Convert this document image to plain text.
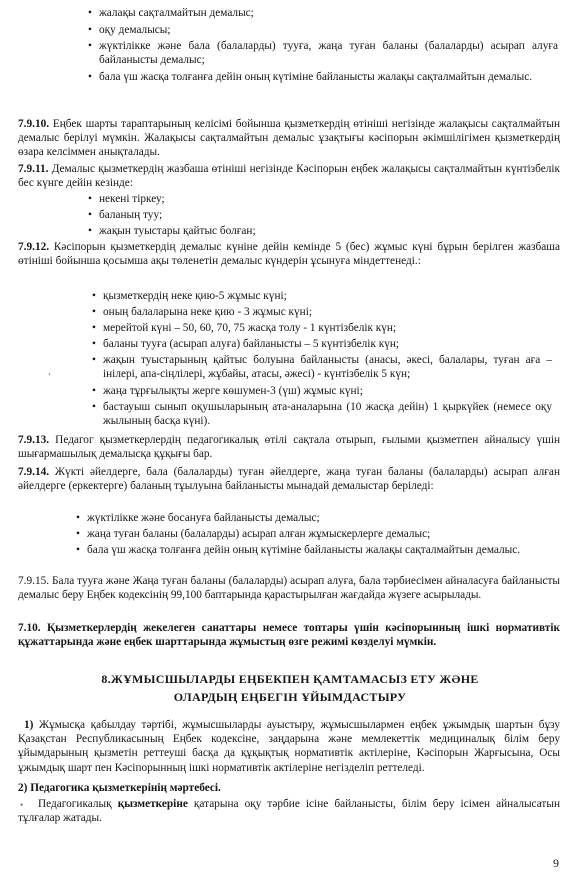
• жалақы сақталмайтын демалыс;
• оқу демалысы;
• жүктілікке және бала (балаларды) тууға, жаңа туған баланы (балаларды) асырап алуға байланысты демалыс;
• бала үш жасқа толғанға дейін оның күтіміне байланысты жалақы сақталмайтын демалыс.

7.9.10. Еңбек шарты тараптарының келісімі бойынша қызметкердің өтініші негізінде жалақысы сақталмайтын демалыс берілуі мүмкін. Жалақысы сақталмайтын демалыс ұзақтығы кәсіпорын әкімшілігімен қызметкердің өзара келсіммен анықталады.

7.9.11. Демалыс қызметкердің жазбаша өтініші негізінде Кәсіпорын еңбек жалақысы сақталмайтын күнтізбелік бес күнге дейін кезінде:

• некені тіркеу;
• баланың туу;
• жақын туыстары қайтыс болған;

7.9.12. Кәсіпорын қызметкердің демалыс күніне дейін кемінде 5 (бес) жұмыс күні бұрын берілген жазбаша өтініші бойынша қосымша ақы төленетін демалыс күндерін ұсынуға міндеттенеді.:

• қызметкердің неке қию-5 жұмыс күні;
• оның балаларына неке қию - 3 жұмыс күні;
• мерейтой күні – 50, 60, 70, 75 жасқа толу - 1 күнтізбелік күн;
• баланы тууға (асырап алуға) байланысты – 5 күнтізбелік күн;
• жақын туыстарының қайтыс болуына байланысты (анасы, әкесі, балалары, туған аға – інілері, апа-сіңлілері, жұбайы, атасы, әжесі) - күнтізбелік 5 күн;
• жаңа тұрғылықты жерге көшумен-3 (үш) жұмыс күні;
• бастауыш сынып оқушыларының ата-аналарына (10 жасқа дейін) 1 қыркүйек (немесе оқу жылының басқа күні).

7.9.13. Педагог қызметкерлердің педагогикалық өтілі сақтала отырып, ғылыми қызметпен айналысу үшін шығармашылық демалысқа құқығы бар.

7.9.14. Жүкті әйелдерге, бала (балаларды) туған әйелдерге, жаңа туған баланы (балаларды) асырап алған әйелдерге (еркектерге) баланың тұылуына байланысты мынадай демалыстар беріледі:

• жүктілікке және босануға байланысты демалыс;
• жаңа туған баланы (балаларды) асырап алған жұмыскерлерге демалыс;
• бала үш жасқа толғанға дейін оның күтіміне байланысты жалақы сақталмайтын демалыс.

7.9.15. Бала тууға және Жаңа туған баланы (балаларды) асырап алуға, бала тәрбиесімен айналасуға байланысты демалыс беру Еңбек кодексінің 99,100 баптарында қарастырылған жағдайда жүзеге асырылады.

7.10. Қызметкерлердің жекелеген санаттары немесе топтары үшін кәсіпорынның ішкі нормативтік құжаттарында және еңбек шарттарында жұмыстың өзге режимі көзделуі мүмкін.

8.ЖҰМЫСШЫЛАРДЫ ЕҢБЕКПЕН ҚАМТАМАСЫЗ ЕТУ ЖӘНЕ
ОЛАРДЫҢ ЕҢБЕГІН ҰЙЫМДАСТЫРУ

1) Жұмысқа қабылдау тәртібі, жұмысшыларды ауыстыру, жұмысшылармен еңбек ұжымдық шартын бұзу Қазақстан Республикасының Еңбек кодексіне, заңдарына және мемлекеттік медициналық білім беру ұйымдарының қызметін реттеуші басқа да құқықтық нормативтік актілеріне, Кәсіпорын Жарғысына, Осы ұжымдық шарт пен Кәсіпорынның ішкі нормативтік актілеріне негізделіп реттеледі.

2) Педагогика қызметкерінің мәртебесі.

Педагогикалық қызметкеріне қатарына оқу тәрбие ісіне байланысты, білім беру ісімен айналысатын тұлғалар жатады.

ʻ
•
9
